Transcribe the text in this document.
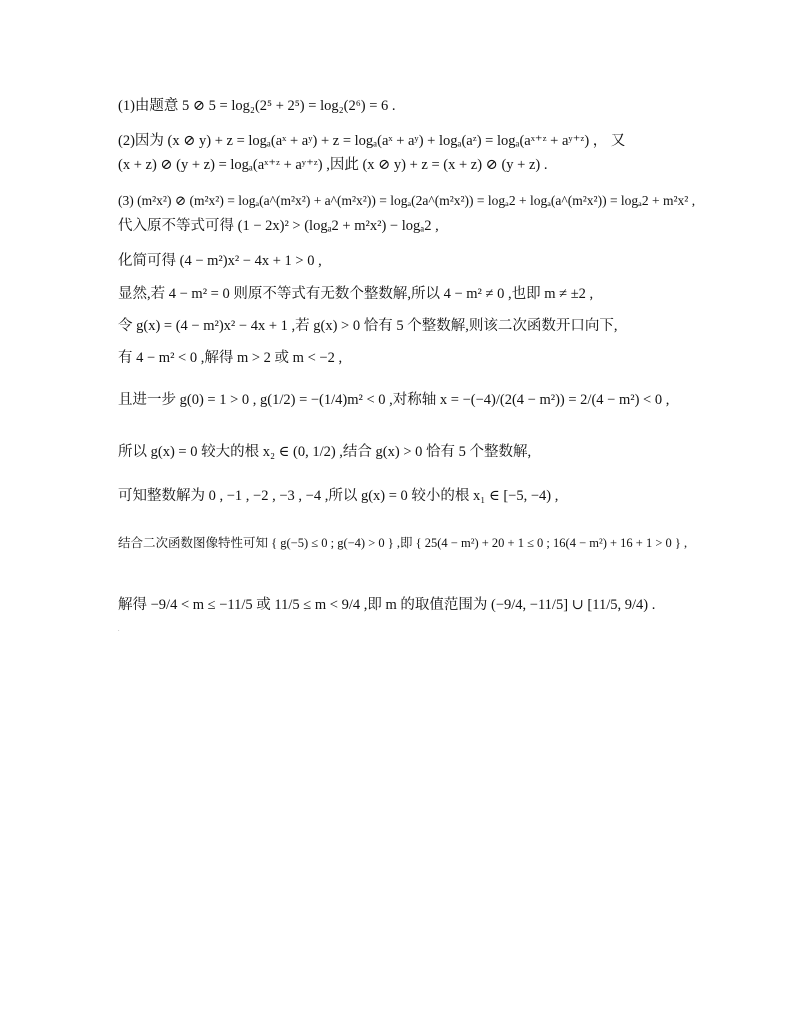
(1)由题意 5 ⊘ 5 = log₂(2⁵ + 2⁵) = log₂(2⁶) = 6 .
(2)因为 (x ⊘ y) + z = logₐ(aˣ + aʸ) + z = logₐ(aˣ + aʸ) + logₐ(aᶻ) = logₐ(aˣ⁺ᶻ + aʸ⁺ᶻ) ， 又
(x + z) ⊘ (y + z) = logₐ(aˣ⁺ᶻ + aʸ⁺ᶻ) ,因此 (x ⊘ y) + z = (x + z) ⊘ (y + z) .
(3) (m²x²) ⊘ (m²x²) = logₐ(a^(m²x²) + a^(m²x²)) = logₐ(2a^(m²x²)) = logₐ2 + logₐ(a^(m²x²)) = logₐ2 + m²x² ,
代入原不等式可得 (1 − 2x)² > (logₐ2 + m²x²) − logₐ2 ,
化简可得 (4 − m²)x² − 4x + 1 > 0 ,
显然,若 4 − m² = 0 则原不等式有无数个整数解,所以 4 − m² ≠ 0 ,也即 m ≠ ±2 ,
令 g(x) = (4 − m²)x² − 4x + 1 ,若 g(x) > 0 恰有 5 个整数解,则该二次函数开口向下,
有 4 − m² < 0 ,解得 m > 2 或 m < −2 ,
且进一步 g(0) = 1 > 0 , g(1/2) = −(1/4)m² < 0 ,对称轴 x = −(−4)/(2(4 − m²)) = 2/(4 − m²) < 0 ,
所以 g(x) = 0 较大的根 x₂ ∈ (0, 1/2) ,结合 g(x) > 0 恰有 5 个整数解,
可知整数解为 0 , −1 , −2 , −3 , −4 ,所以 g(x) = 0 较小的根 x₁ ∈ [−5, −4) ,
结合二次函数图像特性可知 { g(−5) ≤ 0 ; g(−4) > 0 } ,即 { 25(4 − m²) + 20 + 1 ≤ 0 ; 16(4 − m²) + 16 + 1 > 0 } ,
解得 −9/4 < m ≤ −11/5 或 11/5 ≤ m < 9/4 ,即 m 的取值范围为 (−9/4, −11/5] ∪ [11/5, 9/4) .
.
